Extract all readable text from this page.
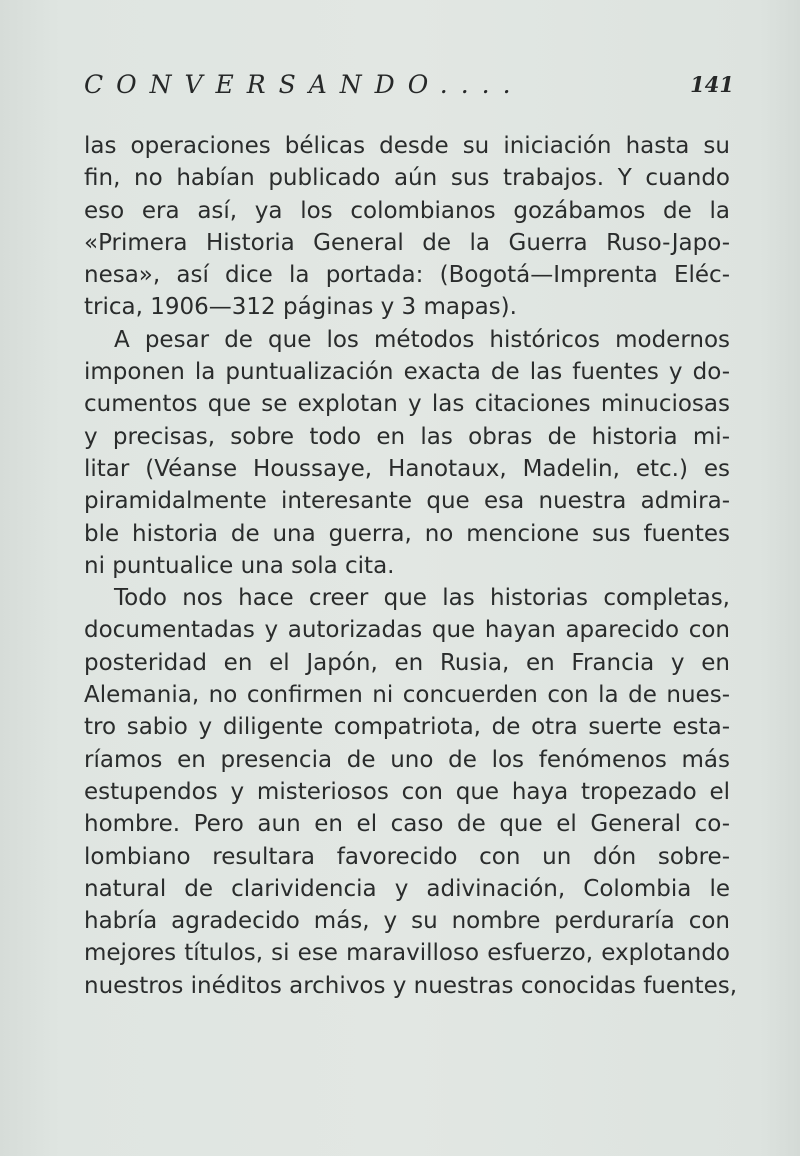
CONVERSANDO....	141
las operaciones bélicas desde su iniciación hasta su
fin, no habían publicado aún sus trabajos. Y cuando
eso era así, ya los colombianos gozábamos de la
«Primera Historia General de la Guerra Ruso-Japo-
nesa», así dice la portada: (Bogotá—Imprenta Eléc-
trica, 1906—312 páginas y 3 mapas).
A pesar de que los métodos históricos modernos
imponen la puntualización exacta de las fuentes y do-
cumentos que se explotan y las citaciones minuciosas
y precisas, sobre todo en las obras de historia mi-
litar (Véanse Houssaye, Hanotaux, Madelin, etc.) es
piramidalmente interesante que esa nuestra admira-
ble historia de una guerra, no mencione sus fuentes
ni puntualice una sola cita.
Todo nos hace creer que las historias completas,
documentadas y autorizadas que hayan aparecido con
posteridad en el Japón, en Rusia, en Francia y en
Alemania, no confirmen ni concuerden con la de nues-
tro sabio y diligente compatriota, de otra suerte esta-
ríamos en presencia de uno de los fenómenos más
estupendos y misteriosos con que haya tropezado el
hombre. Pero aun en el caso de que el General co-
lombiano resultara favorecido con un dón sobre-
natural de clarividencia y adivinación, Colombia le
habría agradecido más, y su nombre perduraría con
mejores títulos, si ese maravilloso esfuerzo, explotando
nuestros inéditos archivos y nuestras conocidas fuentes,
